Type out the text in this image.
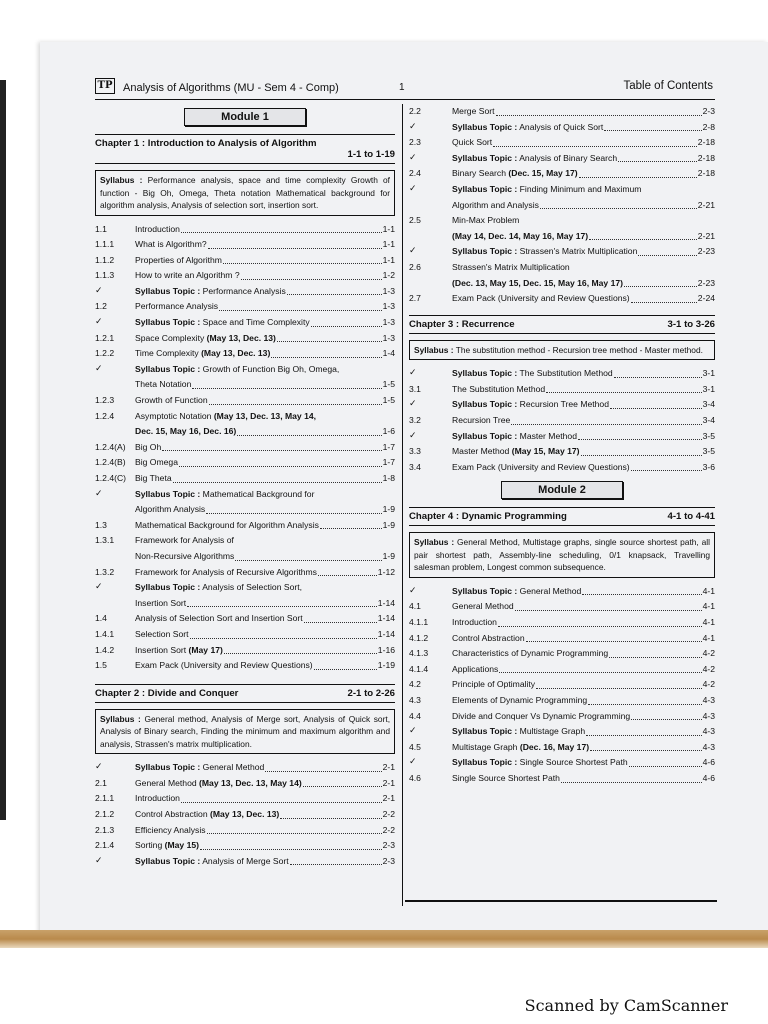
TP Analysis of Algorithms (MU - Sem 4 - Comp)	1	Table of Contents
Module 1
Chapter 1 : Introduction to Analysis of Algorithm
1-1 to 1-19
Syllabus : Performance analysis, space and time complexity Growth of function - Big Oh, Omega, Theta notation Mathematical background for algorithm analysis, Analysis of selection sort, insertion sort.
1.1	Introduction	1-1
1.1.1	What is Algorithm?	1-1
1.1.2	Properties of Algorithm	1-1
1.1.3	How to write an Algorithm ?	1-2
✓	Syllabus Topic : Performance Analysis	1-3
1.2	Performance Analysis	1-3
✓	Syllabus Topic : Space and Time Complexity	1-3
1.2.1	Space Complexity (May 13, Dec. 13)	1-3
1.2.2	Time Complexity (May 13, Dec. 13)	1-4
✓	Syllabus Topic : Growth of Function Big Oh, Omega,
Theta Notation	1-5
1.2.3	Growth of Function	1-5
1.2.4	Asymptotic Notation (May 13, Dec. 13, May 14,
Dec. 15, May 16, Dec. 16)	1-6
1.2.4(A)	Big Oh	1-7
1.2.4(B)	Big Omega	1-7
1.2.4(C)	Big Theta	1-8
✓	Syllabus Topic : Mathematical Background for
Algorithm Analysis	1-9
1.3	Mathematical Background for Algorithm Analysis	1-9
1.3.1	Framework for Analysis of
Non-Recursive Algorithms	1-9
1.3.2	Framework for Analysis of Recursive Algorithms	1-12
✓	Syllabus Topic : Analysis of Selection Sort,
Insertion Sort	1-14
1.4	Analysis of Selection Sort and Insertion Sort	1-14
1.4.1	Selection Sort	1-14
1.4.2	Insertion Sort (May 17)	1-16
1.5	Exam Pack (University and Review Questions)	1-19
Chapter 2 : Divide and Conquer	2-1 to 2-26
Syllabus : General method, Analysis of Merge sort, Analysis of Quick sort, Analysis of Binary search, Finding the minimum and maximum algorithm and analysis, Strassen's matrix multiplication.
✓	Syllabus Topic : General Method	2-1
2.1	General Method (May 13, Dec. 13, May 14)	2-1
2.1.1	Introduction	2-1
2.1.2	Control Abstraction (May 13, Dec. 13)	2-2
2.1.3	Efficiency Analysis	2-2
2.1.4	Sorting (May 15)	2-3
✓	Syllabus Topic : Analysis of Merge Sort	2-3
2.2	Merge Sort	2-3
✓	Syllabus Topic : Analysis of Quick Sort	2-8
2.3	Quick Sort	2-18
✓	Syllabus Topic : Analysis of Binary Search	2-18
2.4	Binary Search (Dec. 15, May 17)	2-18
✓	Syllabus Topic : Finding Minimum and Maximum
Algorithm and Analysis	2-21
2.5	Min-Max Problem
(May 14, Dec. 14, May 16, May 17)	2-21
✓	Syllabus Topic : Strassen's Matrix Multiplication	2-23
2.6	Strassen's Matrix Multiplication
(Dec. 13, May 15, Dec. 15, May 16, May 17)	2-23
2.7	Exam Pack (University and Review Questions)	2-24
Chapter 3 : Recurrence	3-1 to 3-26
Syllabus : The substitution method - Recursion tree method - Master method.
✓	Syllabus Topic : The Substitution Method	3-1
3.1	The Substitution Method	3-1
✓	Syllabus Topic : Recursion Tree Method	3-4
3.2	Recursion Tree	3-4
✓	Syllabus Topic : Master Method	3-5
3.3	Master Method (May 15, May 17)	3-5
3.4	Exam Pack (University and Review Questions)	3-6
Module 2
Chapter 4 : Dynamic Programming	4-1 to 4-41
Syllabus : General Method, Multistage graphs, single source shortest path, all pair shortest path, Assembly-line scheduling, 0/1 knapsack, Travelling salesman problem, Longest common subsequence.
✓	Syllabus Topic : General Method	4-1
4.1	General Method	4-1
4.1.1	Introduction	4-1
4.1.2	Control Abstraction	4-1
4.1.3	Characteristics of Dynamic Programming	4-2
4.1.4	Applications	4-2
4.2	Principle of Optimality	4-2
4.3	Elements of Dynamic Programming	4-3
4.4	Divide and Conquer Vs Dynamic Programming	4-3
✓	Syllabus Topic : Multistage Graph	4-3
4.5	Multistage Graph (Dec. 16, May 17)	4-3
✓	Syllabus Topic : Single Source Shortest Path	4-6
4.6	Single Source Shortest Path	4-6
Scanned by CamScanner
